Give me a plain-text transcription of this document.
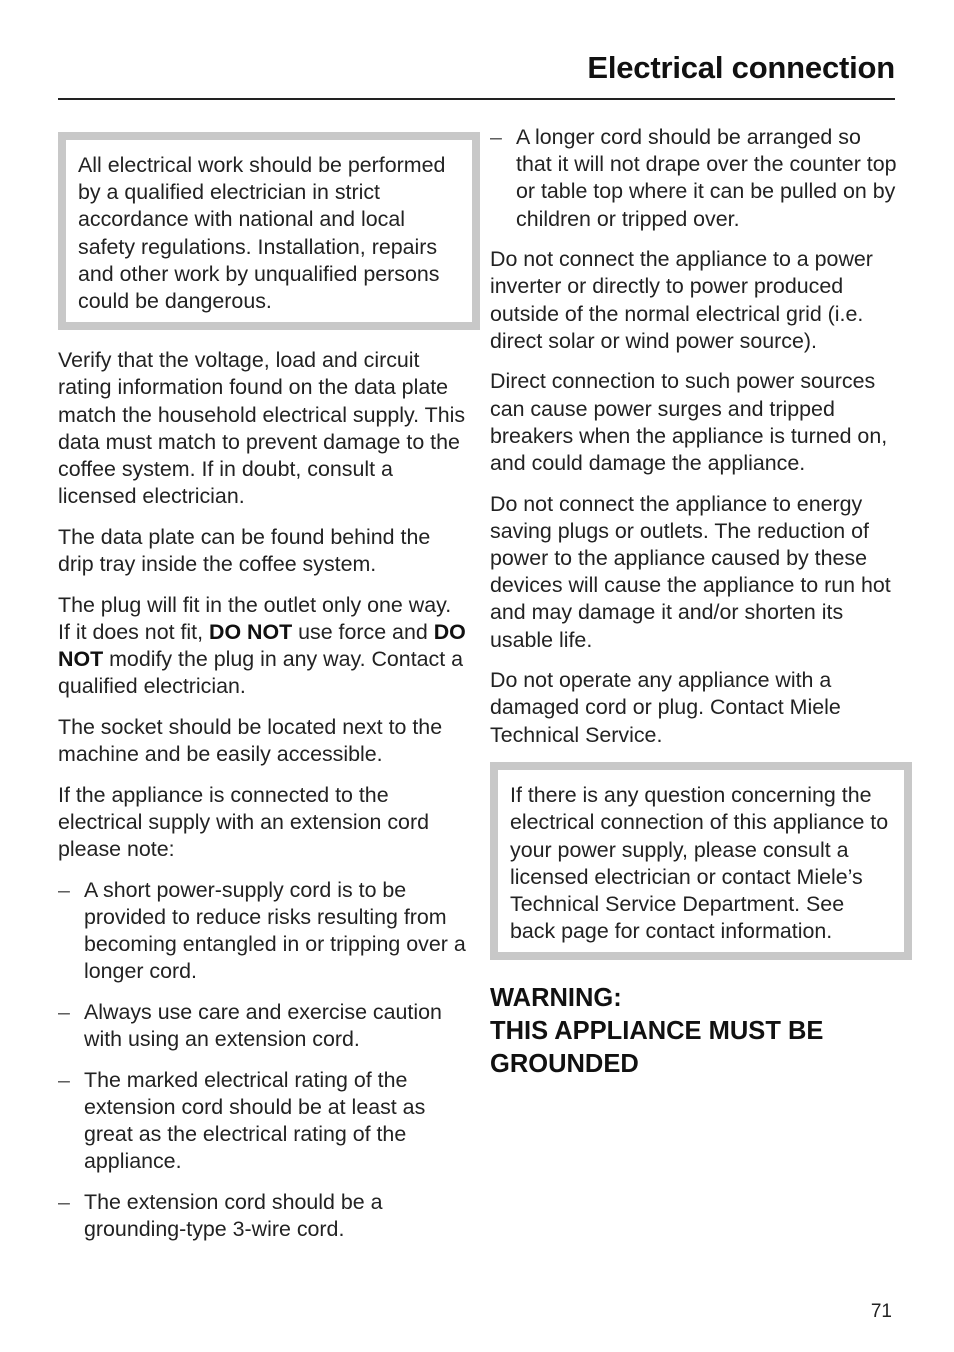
Electrical connection

All electrical work should be performed by a qualified electrician in strict accordance with national and local safety regulations. Installation, repairs and other work by unqualified persons could be dangerous.

Verify that the voltage, load and circuit rating information found on the data plate match the household electrical supply. This data must match to prevent damage to the coffee system. If in doubt, consult a licensed electrician.

The data plate can be found behind the drip tray inside the coffee system.

The plug will fit in the outlet only one way. If it does not fit, DO NOT use force and DO NOT modify the plug in any way. Contact a qualified electrician.

The socket should be located next to the machine and be easily accessible.

If the appliance is connected to the electrical supply with an extension cord please note:

– A short power-supply cord is to be provided to reduce risks resulting from becoming entangled in or tripping over a longer cord.
– Always use care and exercise caution with using an extension cord.
– The marked electrical rating of the extension cord should be at least as great as the electrical rating of the appliance.
– The extension cord should be a grounding-type 3-wire cord.
– A longer cord should be arranged so that it will not drape over the counter top or table top where it can be pulled on by children or tripped over.

Do not connect the appliance to a power inverter or directly to power produced outside of the normal electrical grid (i.e. direct solar or wind power source).

Direct connection to such power sources can cause power surges and tripped breakers when the appliance is turned on, and could damage the appliance.

Do not connect the appliance to energy saving plugs or outlets. The reduction of power to the appliance caused by these devices will cause the appliance to run hot and may damage it and/or shorten its usable life.

Do not operate any appliance with a damaged cord or plug. Contact Miele Technical Service.

If there is any question concerning the electrical connection of this appliance to your power supply, please consult a licensed electrician or contact Miele’s Technical Service Department. See back page for contact information.

WARNING:
THIS APPLIANCE MUST BE GROUNDED

71
